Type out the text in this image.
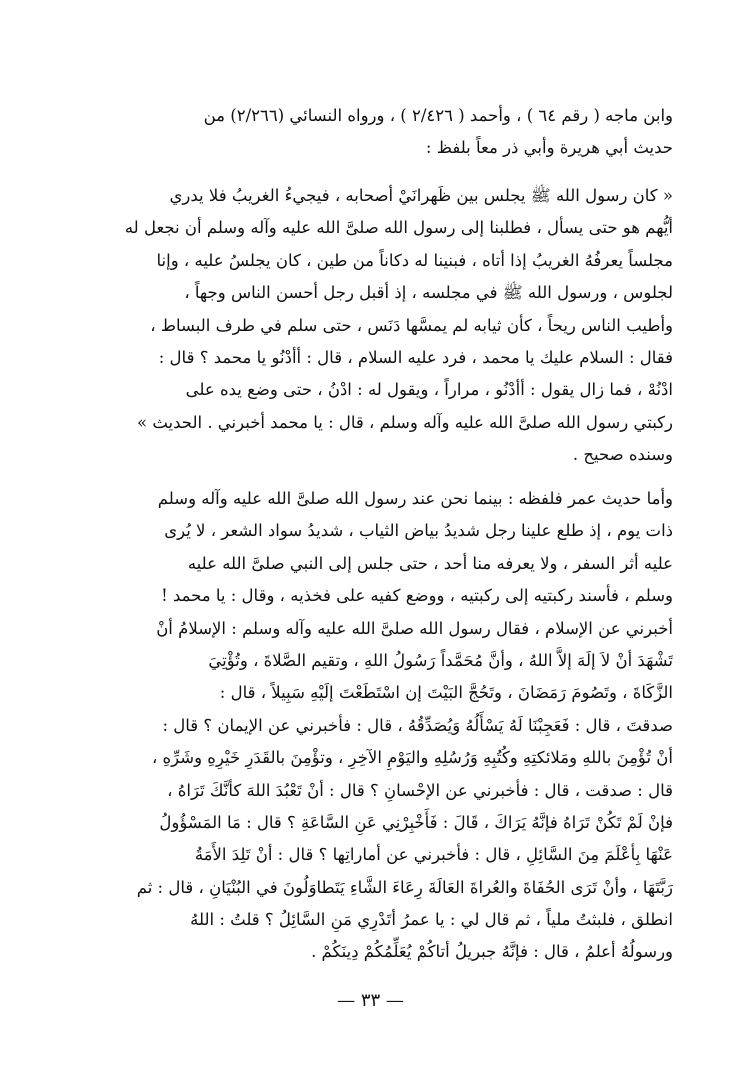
وابن ماجه ( رقم ٦٤ ) ، وأحمد ( ٢/٤٢٦ ) ، ورواه النسائي (٢/٢٦٦) من
حديث أبي هريرة وأبي ذر معاً بلفظ :
« كان رسول الله ﷺ يجلس بين ظَهرانَيْ أصحابه ، فيجيءُ الغريبُ فلا يدري
أيُّهم هو حتى يسأل ، فطلبنا إلى رسول الله صلىَّ الله عليه وآله وسلم أن نجعل له
مجلساً يعرفُهُ الغريبُ إذا أتاه ، فبنينا له دكاناً من طين ، كان يجلسُ عليه ، وإنا
لجلوس ، ورسول الله ﷺ في مجلسه ، إذ أقبل رجل أحسن الناس وجهاً ،
وأطيب الناس ريحاً ، كأن ثيابه لم يمسَّها دَنَس ، حتى سلم في طرف البساط ،
فقال : السلام عليك يا محمد ، فرد عليه السلام ، قال : أأدْنُو يا محمد ؟ قال :
ادْنُهْ ، فما زال يقول : أأدْنُو ، مراراً ، ويقول له : ادْنُ ، حتى وضع يده على
ركبتي رسول الله صلىَّ الله عليه وآله وسلم ، قال : يا محمد أخبرني . الحديث »
وسنده صحيح .
وأما حديث عمر فلفظه : بينما نحن عند رسول الله صلىَّ الله عليه وآله وسلم
ذات يوم ، إذ طلع علينا رجل شديدُ بياض الثياب ، شديدُ سواد الشعر ، لا يُرى
عليه أثر السفر ، ولا يعرفه منا أحد ، حتى جلس إلى النبي صلىَّ الله عليه
وسلم ، فأسند ركبتيه إلى ركبتيه ، ووضع كفيه على فخذيه ، وقال : يا محمد !
أخبرني عن الإسلام ، فقال رسول الله صلىَّ الله عليه وآله وسلم : الإسلامُ أنْ
تَشْهَدَ أنْ لاَ إلَهَ إلاَّ اللهُ ، وأنَّ مُحَمَّداً رَسُولُ اللهِ ، وتقيم الصَّلاةَ ، وتُؤْتِيَ
الزَّكَاةَ ، وتَصُومَ رَمَضَانَ ، وتَحُجَّ البَيْتَ إن اسْتَطَعْتَ إلَيْهِ سَبِيلاً ، قال :
صدقتَ ، قال : فَعَجِبْنَا لَهُ يَسْأَلُهُ وَيُصَدِّقُهُ ، قال : فأخبرني عن الإيمان ؟ قال :
أنْ تُؤْمِنَ باللهِ ومَلائكتِهِ وكُتُبِهِ وَرُسُلِهِ واليَوْمِ الآخِرِ ، وتؤْمِنَ بالقَدَرِ خَيْرِهِ وشَرِّهِ ،
قال : صدقت ، قال : فأخبرني عن الإحْسانِ ؟ قال : أنْ تَعْبُدَ اللهَ كأنَّكَ تَرَاهُ ،
فإنْ لَمْ تَكُنْ تَرَاهُ فإنَّهُ يَرَاكَ ، قَالَ : فَأَخْبِرْنِي عَنِ السَّاعَةِ ؟ قال : مَا المَسْؤُولُ
عَنْهَا بِأعْلَمَ مِنَ السَّائِلِ ، قال : فأخبرني عن أماراتِها ؟ قال : أنْ تَلِدَ الأَمَةُ
رَبَّتَهَا ، وأنْ تَرَى الحُفَاةَ والعُراةَ العَالَةَ رِعَاءَ الشَّاءِ يَتَطاوَلُونَ في البُنْيَانِ ، قال : ثم
انطلق ، فلبثتُ ملياً ، ثم قال لي : يا عمرُ أتَدْرِي مَنِ السَّائِلُ ؟ قلتُ : اللهُ
ورسولُهُ أعلمُ ، قال : فإنَّهُ جبريلُ أتاكُمْ يُعَلِّمُكُمْ دِينَكُمْ .
— ٣٣ —
